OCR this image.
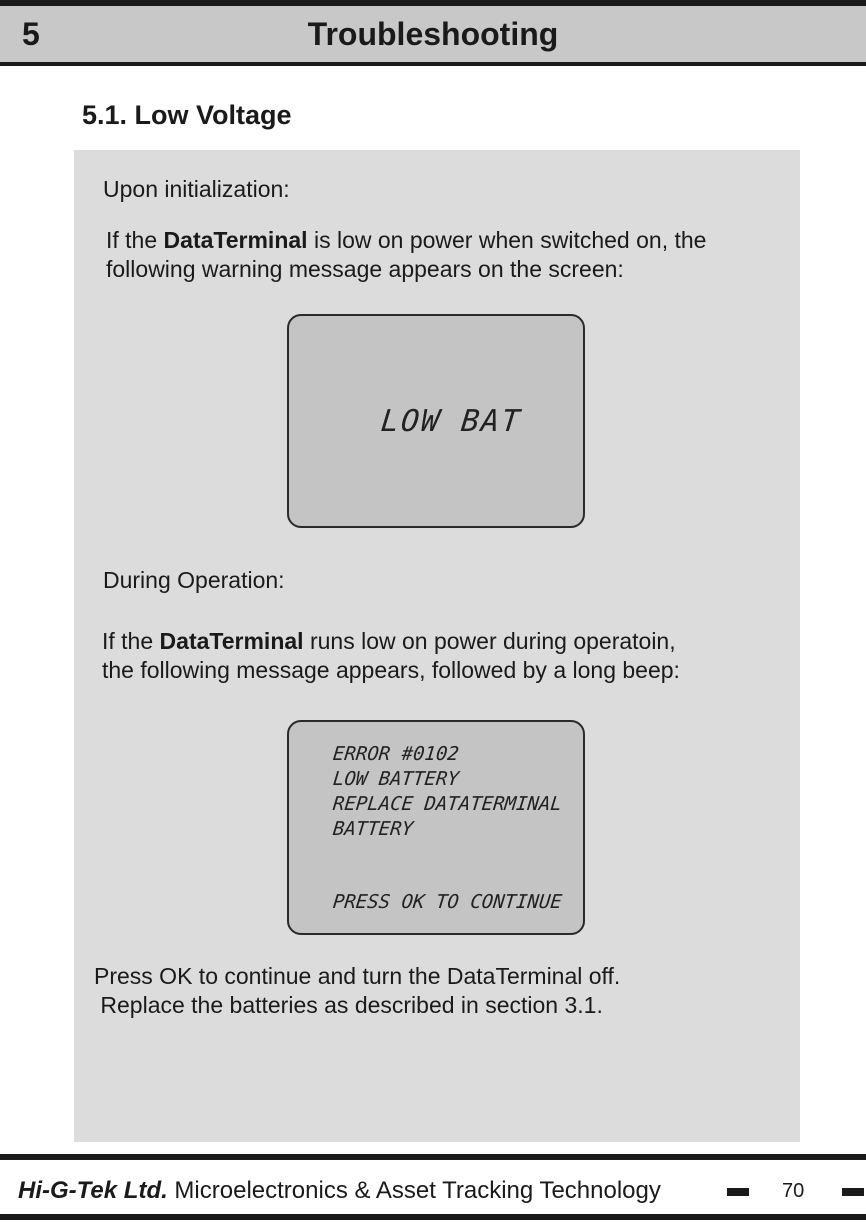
5	Troubleshooting
5.1. Low Voltage
Upon initialization:
If the DataTerminal is low on power when switched on, the
following warning message appears on the screen:
LOW BAT
During Operation:
If the DataTerminal runs low on power during operatoin,
the following message appears, followed by a long beep:
ERROR #0102
LOW BATTERY
REPLACE DATATERMINAL
BATTERY
PRESS OK TO CONTINUE
Press OK to continue and turn the DataTerminal off.
Replace the batteries as described in section 3.1.
Hi-G-Tek Ltd. Microelectronics & Asset Tracking Technology	70
